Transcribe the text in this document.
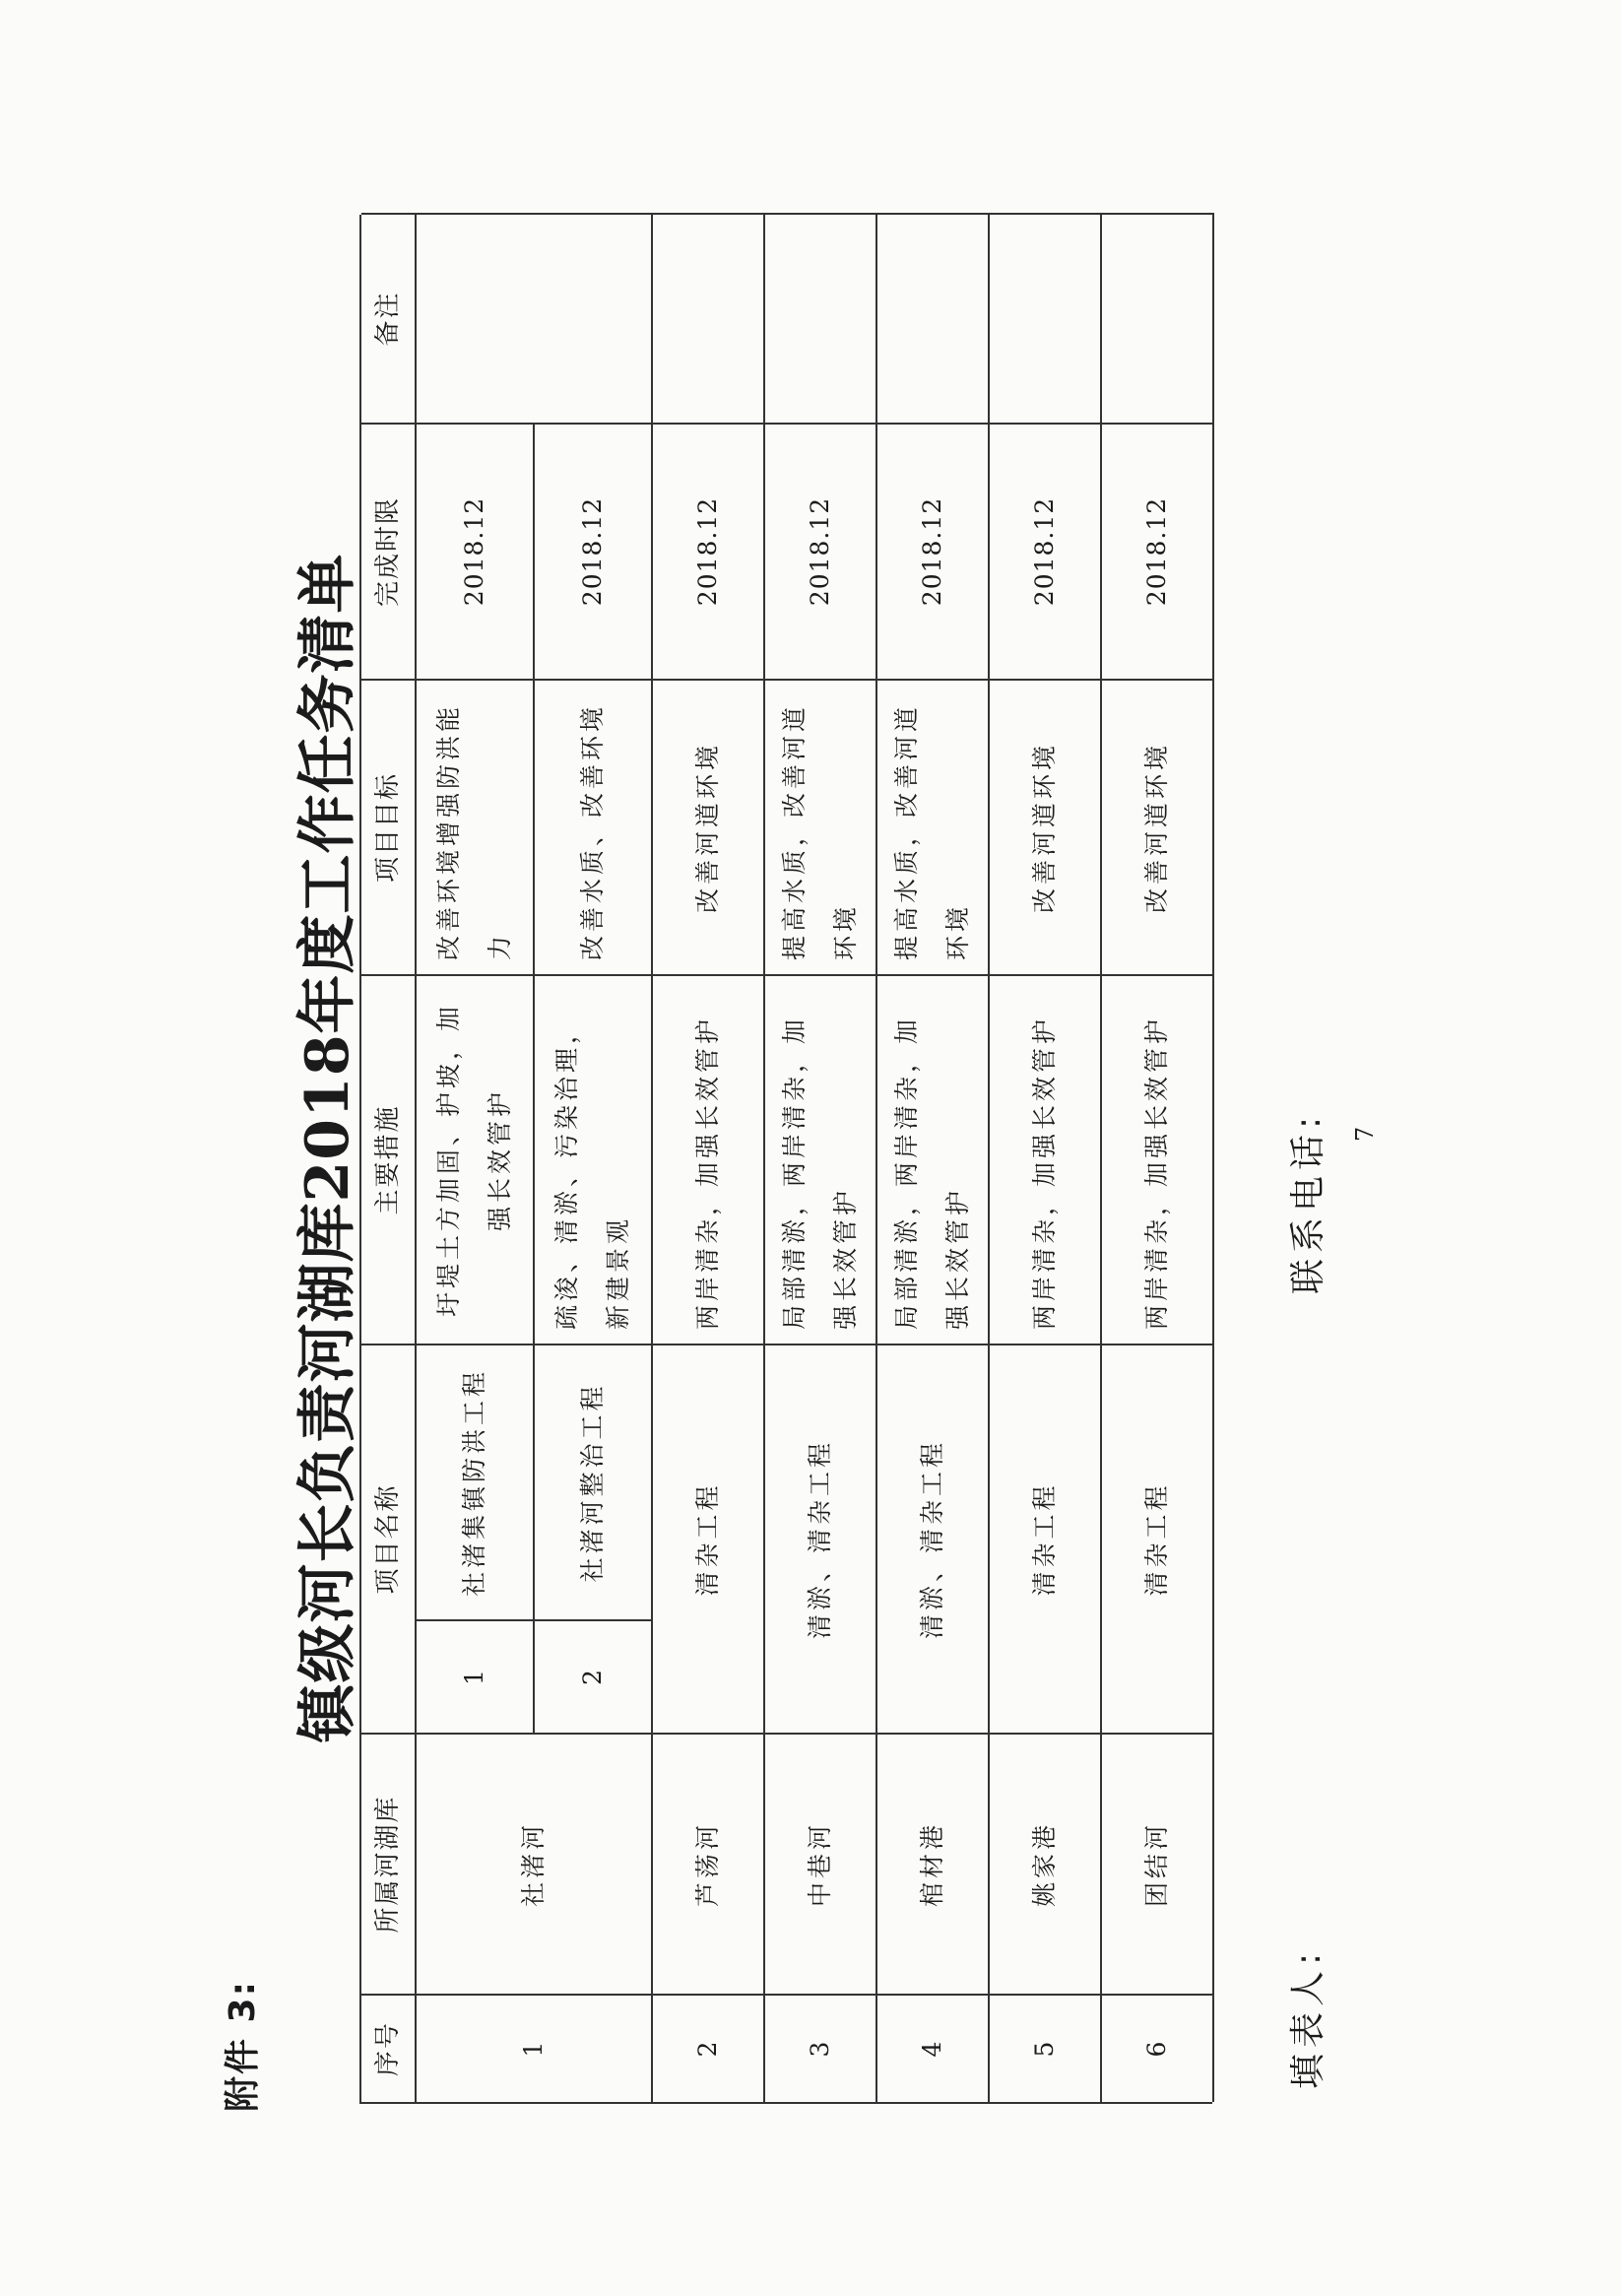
附件 3:
镇级河长负责河湖库2018年度工作任务清单
序号
所属河湖库
项目名称
主要措施
项目目标
完成时限
备注
1
社渚河
1
社渚集镇防洪工程
圩堤土方加固、护坡，加强长效管护
改善环境增强防洪能力
2018.12
2
社渚河整治工程
疏浚、清淤、污染治理，新建景观
改善水质、改善环境
2018.12
2
芦荡河
清杂工程
两岸清杂，加强长效管护
改善河道环境
2018.12
3
中巷河
清淤、清杂工程
局部清淤，两岸清杂，加强长效管护
提高水质，改善河道环境
2018.12
4
棺材港
清淤、清杂工程
局部清淤，两岸清杂，加强长效管护
提高水质，改善河道环境
2018.12
5
姚家港
清杂工程
两岸清杂，加强长效管护
改善河道环境
2018.12
6
团结河
清杂工程
两岸清杂，加强长效管护
改善河道环境
2018.12
填表人:
联系电话: 7
